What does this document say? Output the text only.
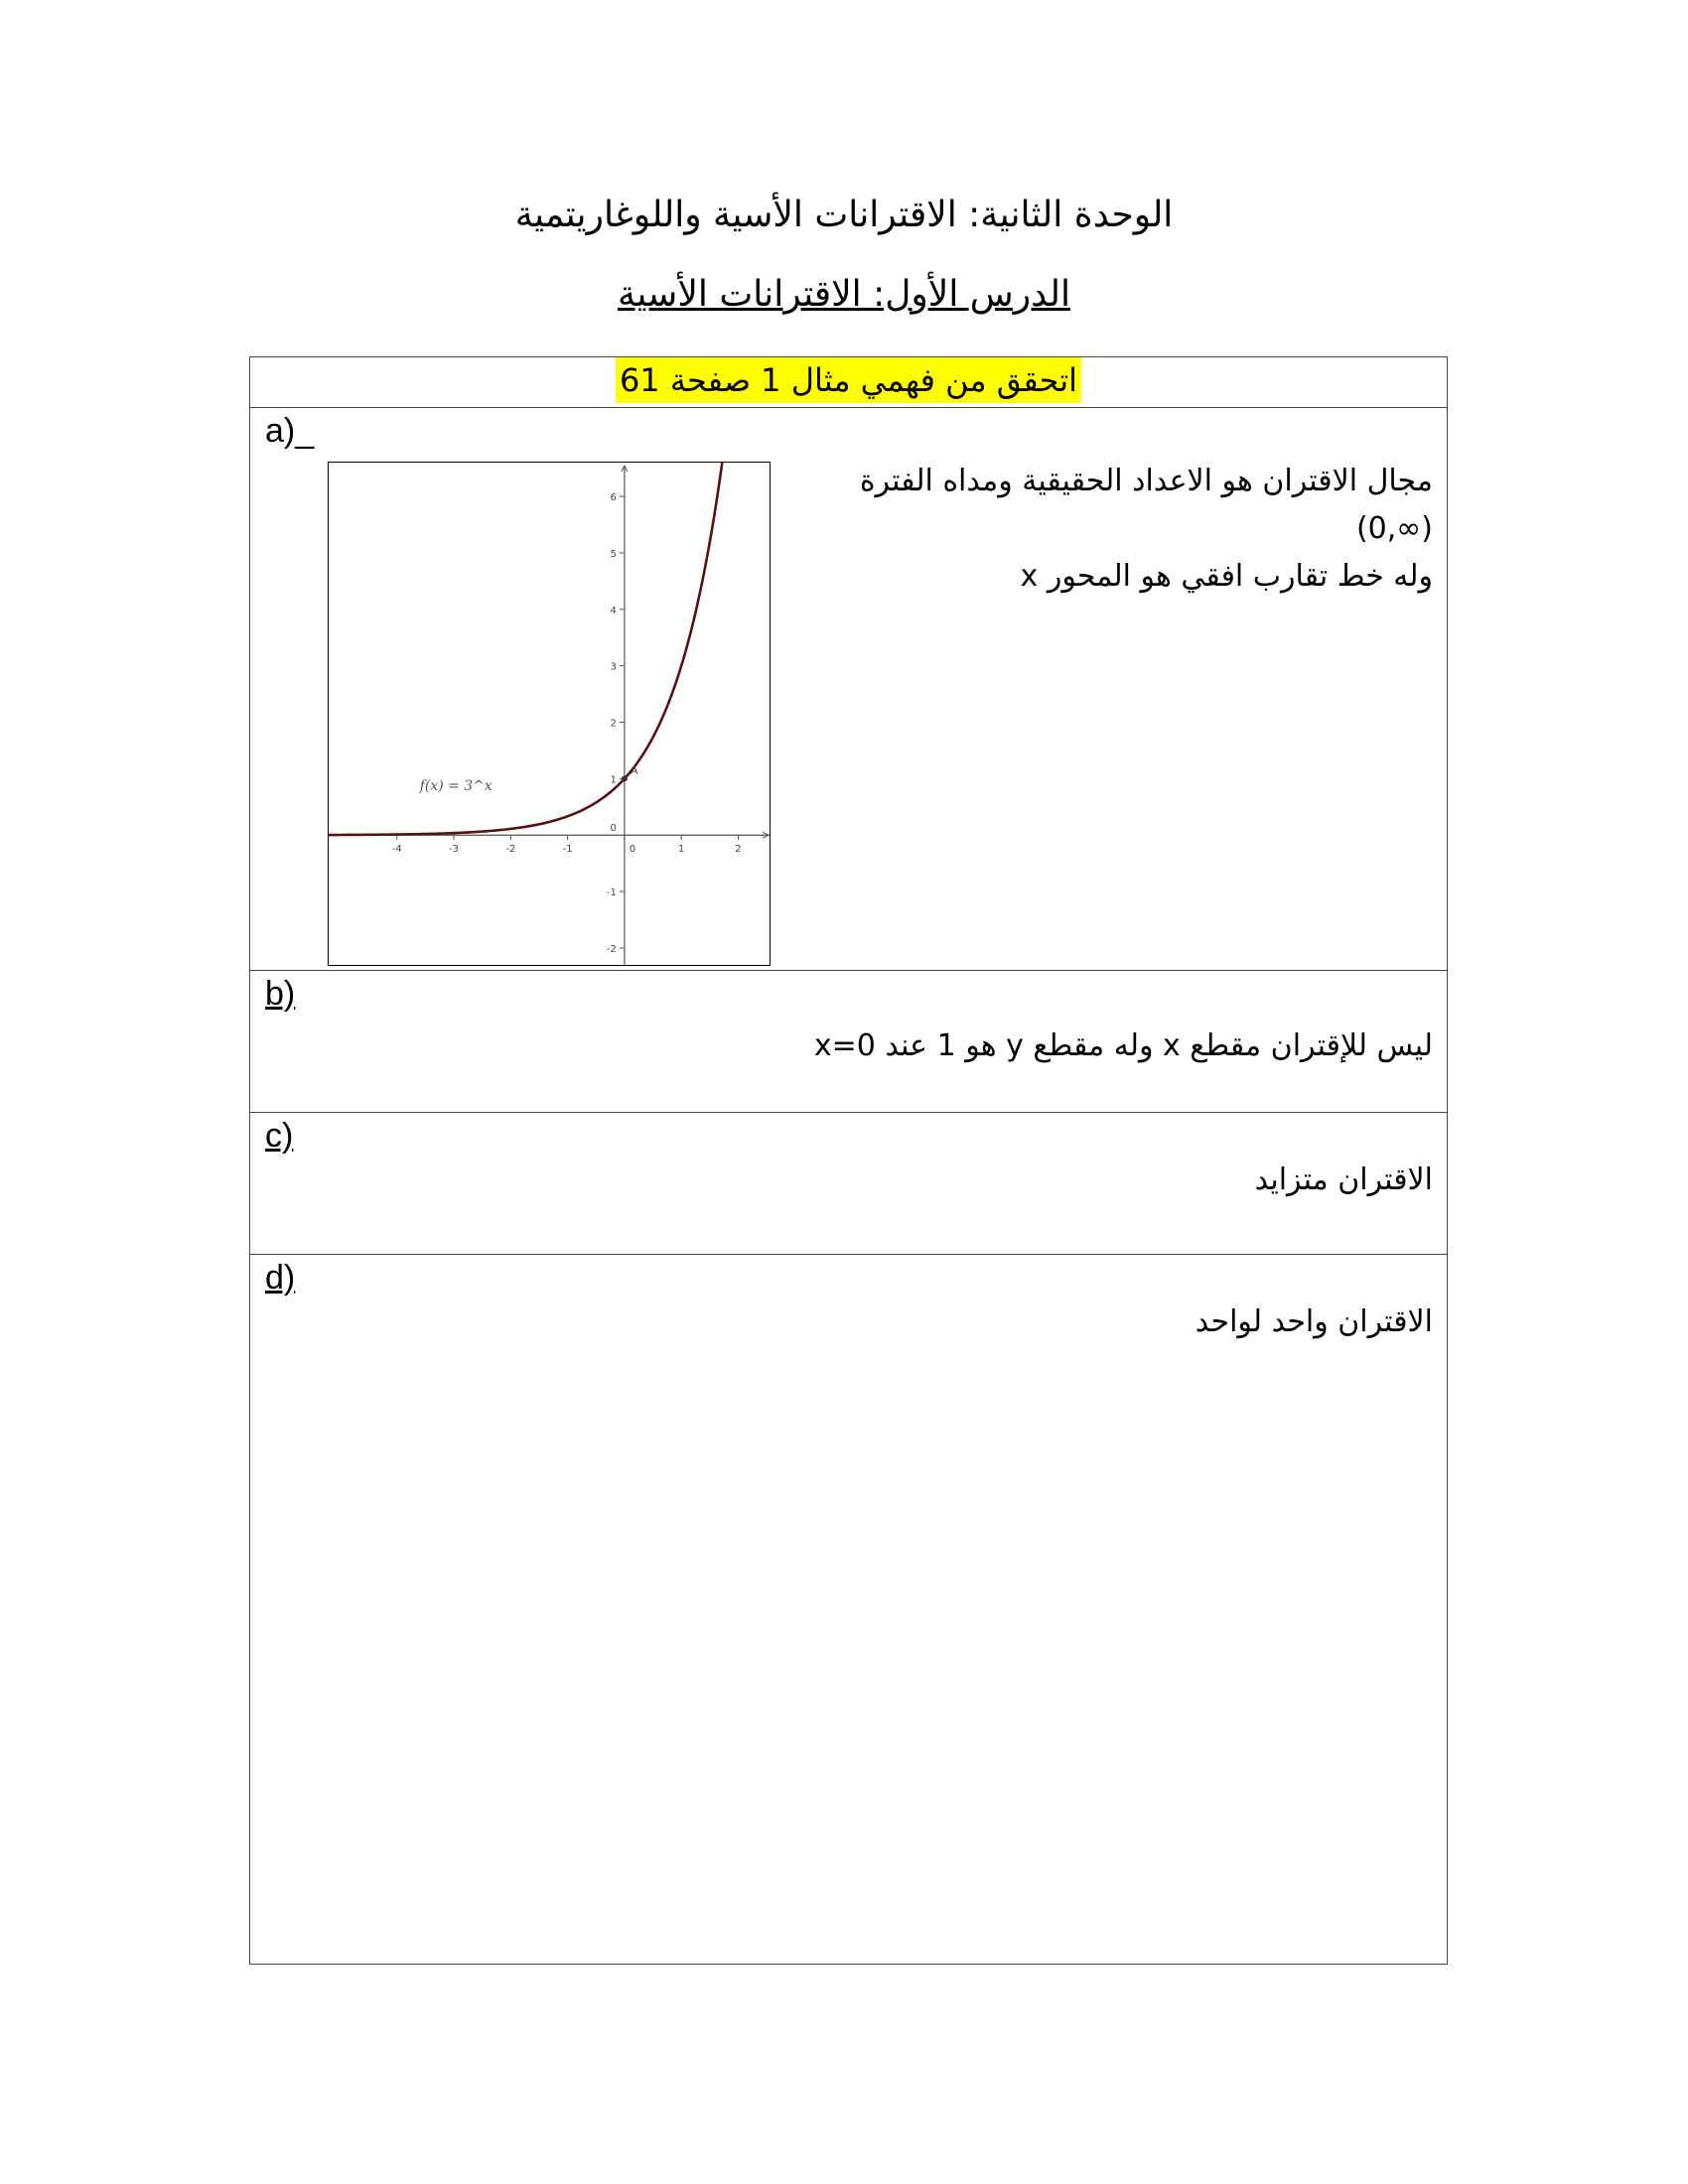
الوحدة الثانية: الاقترانات الأسية واللوغاريتمية
الدرس الأول: الاقترانات الأسية
اتحقق من فهمي مثال 1 صفحة 61

a)_
-4	-3	-2	-1	0	1	2
-2
-1
0
1
2
3
4
5
6
A
f(x) = 3^x
مجال الاقتران هو الاعداد الحقيقية ومداه الفترة
(0,∞)
وله خط تقارب افقي هو المحور x

b)
ليس للإقتران مقطع x وله مقطع y هو 1 عند x=0

c)
الاقتران متزايد

d)
الاقتران واحد لواحد
